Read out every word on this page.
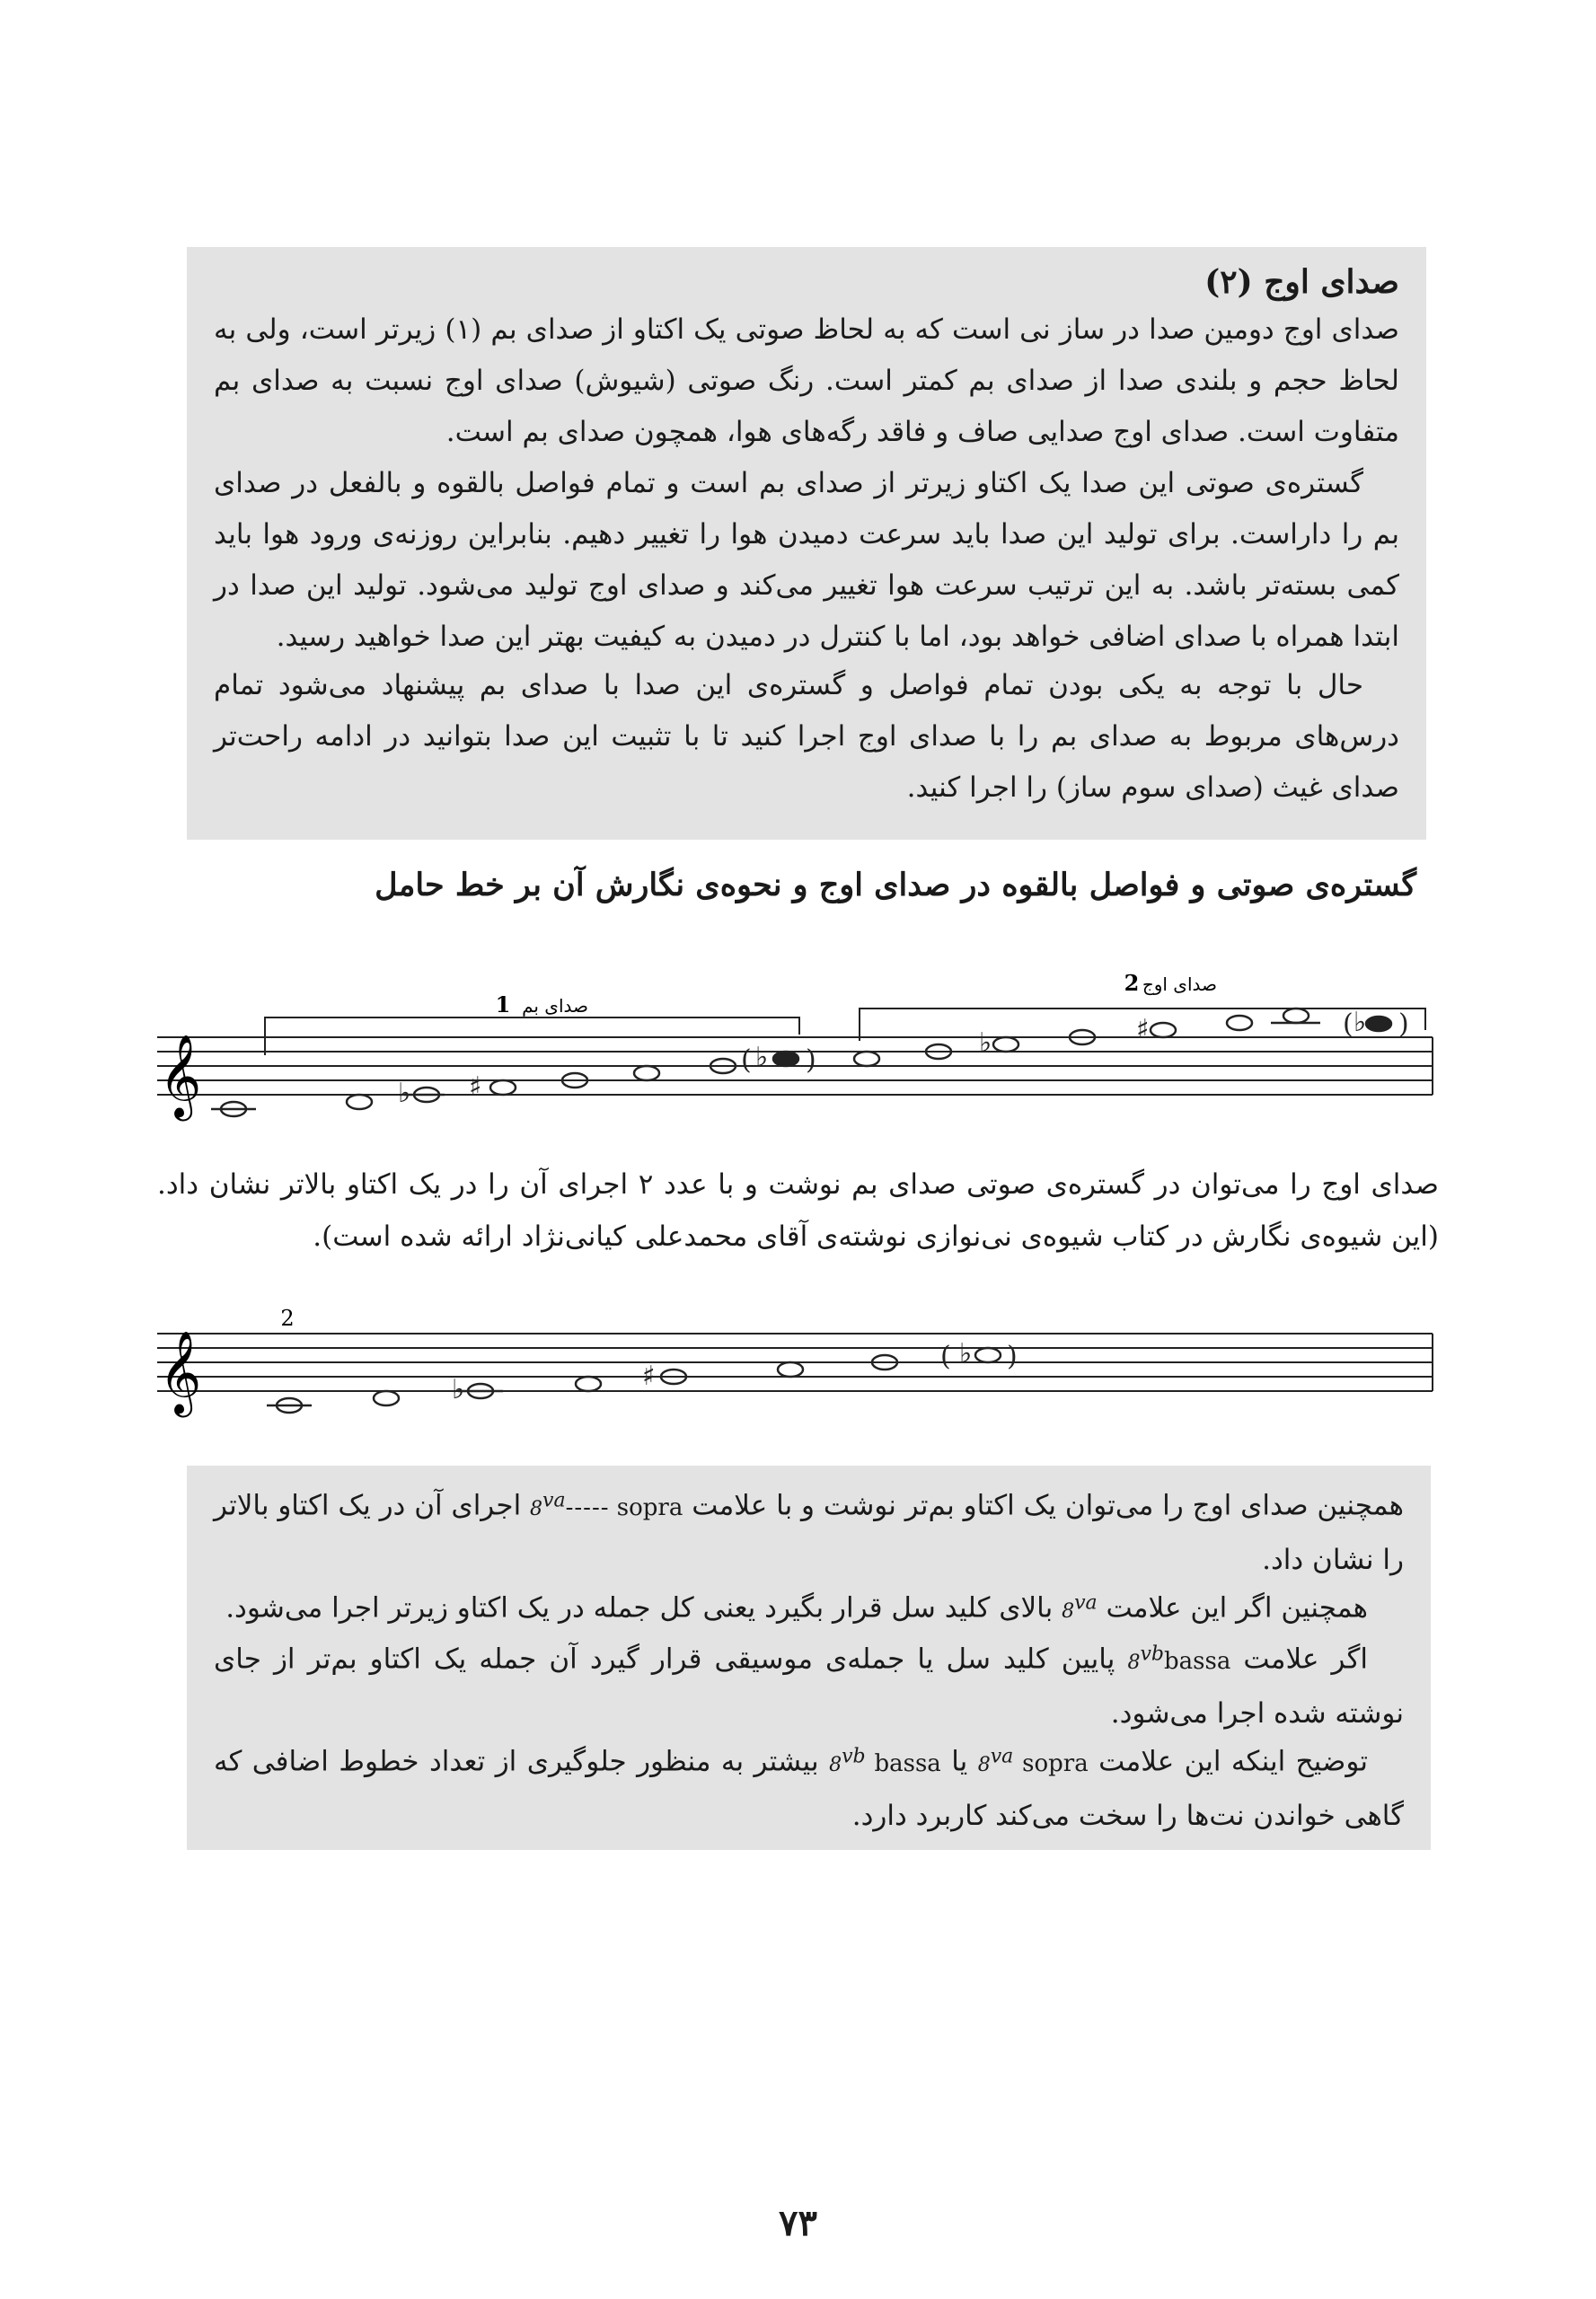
صدای اوج (۲)

صدای اوج دومین صدا در ساز نی است که به لحاظ صوتی یک اکتاو از صدای بم (۱) زیرتر است، ولی به لحاظ حجم و بلندی صدا از صدای بم کمتر است. رنگ صوتی (شیوش) صدای اوج نسبت به صدای بم متفاوت است. صدای اوج صدایی صاف و فاقد رگه‌های هوا، همچون صدای بم است.

گستره‌ی صوتی این صدا یک اکتاو زیرتر از صدای بم است و تمام فواصل بالقوه و بالفعل در صدای بم را داراست. برای تولید این صدا باید سرعت دمیدن هوا را تغییر دهیم. بنابراین روزنه‌ی ورود هوا باید کمی بسته‌تر باشد. به این ترتیب سرعت هوا تغییر می‌کند و صدای اوج تولید می‌شود. تولید این صدا در ابتدا همراه با صدای اضافی خواهد بود، اما با کنترل در دمیدن به کیفیت بهتر این صدا خواهید رسید.

حال با توجه به یکی بودن تمام فواصل و گستره‌ی این صدا با صدای بم پیشنهاد می‌شود تمام درس‌های مربوط به صدای بم را با صدای اوج اجرا کنید تا با تثبیت این صدا بتوانید در ادامه راحت‌تر صدای غیث (صدای سوم ساز) را اجرا کنید.

گستره‌ی صوتی و فواصل بالقوه در صدای اوج و نحوه‌ی نگارش آن بر خط حامل
𝄞
صدای بم
1
صدای اوج
2
♭ ♯
♭	♭	♯	♭
( )
( )

صدای اوج را می‌توان در گستره‌ی صوتی صدای بم نوشت و با عدد ۲ اجرای آن را در یک اکتاو بالاتر نشان داد. (این شیوه‌ی نگارش در کتاب شیوه‌ی نی‌نوازی نوشته‌ی آقای محمدعلی کیانی‌نژاد ارائه شده است).

𝄞
2
♭	♯
♭
( )

همچنین صدای اوج را می‌توان یک اکتاو بم‌تر نوشت و با علامت $8^{va}-----$ sopra اجرای آن در یک اکتاو بالاتر را نشان داد.

همچنین اگر این علامت $8^{va}$ بالای کلید سل قرار بگیرد یعنی کل جمله در یک اکتاو زیرتر اجرا می‌شود.

اگر علامت $8^{vb}bassa$ پایین کلید سل یا جمله‌ی موسیقی قرار گیرد آن جمله یک اکتاو بم‌تر از جای نوشته شده اجرا می‌شود.

توضیح اینکه این علامت $8^{va}$ sopra یا $8^{vb}$ bassa بیشتر به منظور جلوگیری از تعداد خطوط اضافی که گاهی خواندن نت‌ها را سخت می‌کند کاربرد دارد.

۷۳
